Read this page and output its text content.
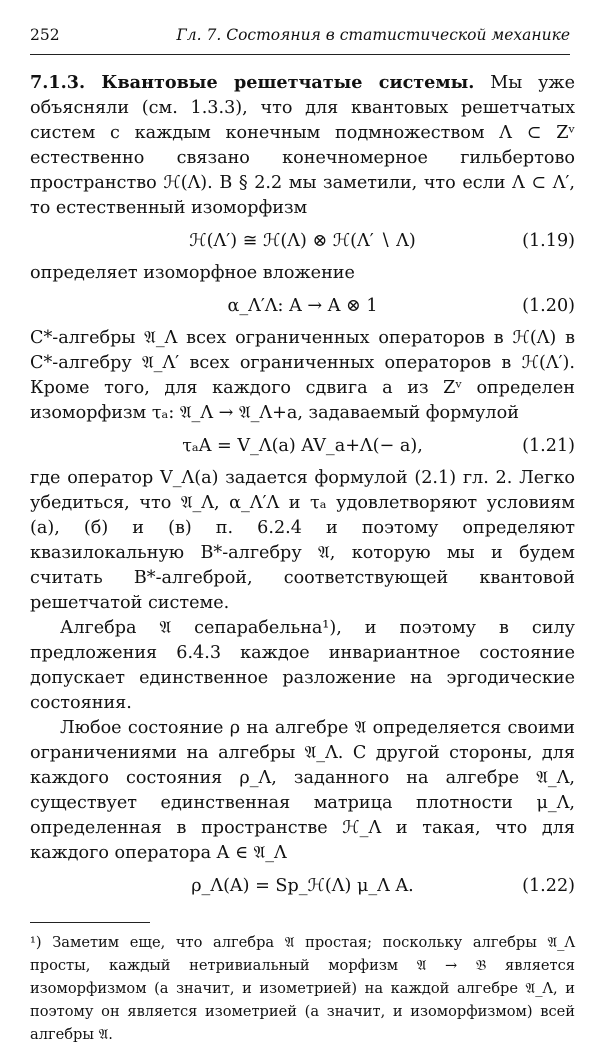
252	Гл. 7. Состояния в статистической механике

7.1.3. Квантовые решетчатые системы. Мы уже объясняли (см. 1.3.3), что для квантовых решетчатых систем с каждым конечным подмножеством Λ ⊂ Zᵛ естественно связано конечномерное гильбертово пространство ℋ(Λ). В § 2.2 мы заметили, что если Λ ⊂ Λ′, то естественный изоморфизм

ℋ(Λ′) ≅ ℋ(Λ) ⊗ ℋ(Λ′ ∖ Λ)	(1.19)

определяет изоморфное вложение

α_Λ′Λ: A → A ⊗ 1	(1.20)

C*-алгебры 𝔄_Λ всех ограниченных операторов в ℋ(Λ) в C*-алгебру 𝔄_Λ′ всех ограниченных операторов в ℋ(Λ′). Кроме того, для каждого сдвига a из Zᵛ определен изоморфизм τₐ: 𝔄_Λ → 𝔄_Λ+a, задаваемый формулой

τₐA = V_Λ(a) AV_a+Λ(− a),	(1.21)

где оператор V_Λ(a) задается формулой (2.1) гл. 2. Легко убедиться, что 𝔄_Λ, α_Λ′Λ и τₐ удовлетворяют условиям (а), (б) и (в) п. 6.2.4 и поэтому определяют квазилокальную B*-алгебру 𝔄, которую мы и будем считать B*-алгеброй, соответствующей квантовой решетчатой системе.

Алгебра 𝔄 сепарабельна¹), и поэтому в силу предложения 6.4.3 каждое инвариантное состояние допускает единственное разложение на эргодические состояния.

Любое состояние ρ на алгебре 𝔄 определяется своими ограничениями на алгебры 𝔄_Λ. С другой стороны, для каждого состояния ρ_Λ, заданного на алгебре 𝔄_Λ, существует единственная матрица плотности μ_Λ, определенная в пространстве ℋ_Λ и такая, что для каждого оператора A ∈ 𝔄_Λ

ρ_Λ(A) = Sp_ℋ(Λ) μ_Λ A.	(1.22)

¹) Заметим еще, что алгебра 𝔄 простая; поскольку алгебры 𝔄_Λ просты, каждый нетривиальный морфизм 𝔄 → 𝔅 является изоморфизмом (а значит, и изометрией) на каждой алгебре 𝔄_Λ, и поэтому он является изометрией (а значит, и изоморфизмом) всей алгебры 𝔄.
